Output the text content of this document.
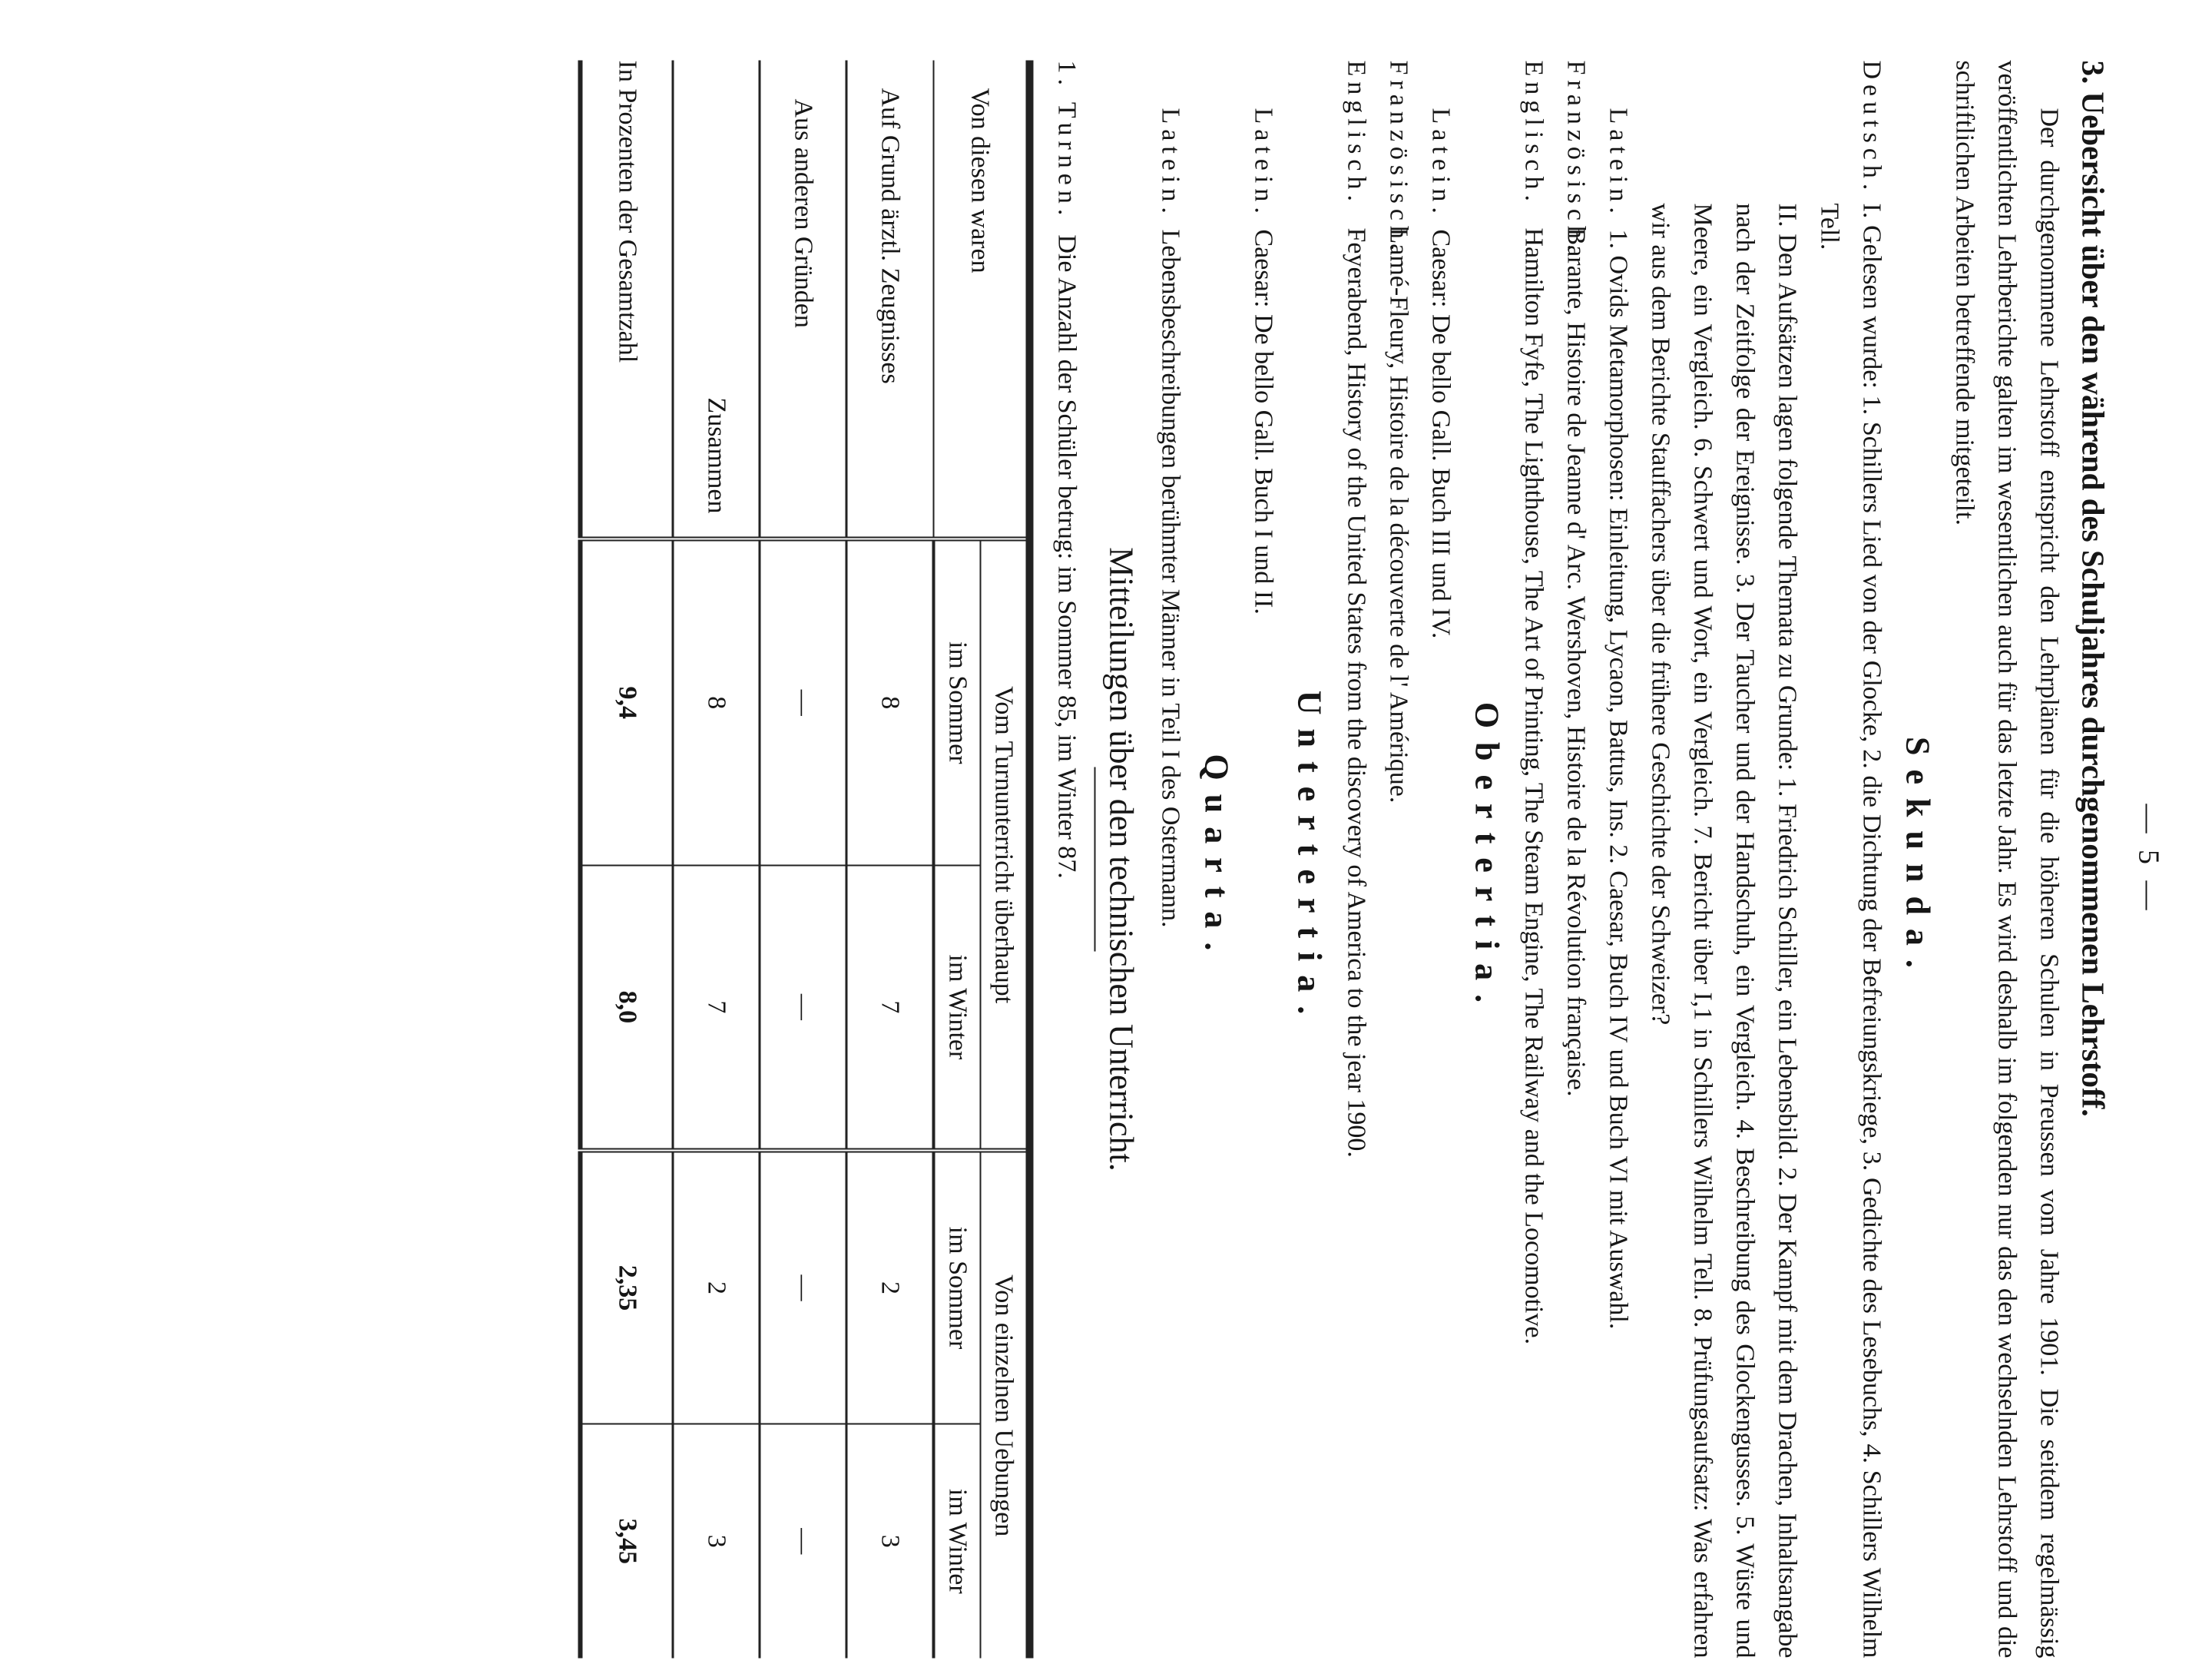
— 5 —

3. Uebersicht über den während des Schuljahres durchgenommenen Lehrstoff.

Der durchgenommene Lehrstoff entspricht den Lehrplänen für die höheren Schulen in Preussen vom Jahre 1901. Die seitdem regelmässig veröffentlichten Lehrberichte galten im wesentlichen auch für das letzte Jahr. Es wird deshalb im folgenden nur das den wechselnden Lehrstoff und die schriftlichen Arbeiten betreffende mitgeteilt.

Sekunda.
Deutsch.

I. Gelesen wurde: 1. Schillers Lied von der Glocke, 2. die Dichtung der Befreiungskriege, 3. Gedichte des Lesebuchs, 4. Schillers Wilhelm Tell.

II. Den Aufsätzen lagen folgende Themata zu Grunde: 1. Friedrich Schiller, ein Lebensbild. 2. Der Kampf mit dem Drachen, Inhaltsangabe nach der Zeitfolge der Ereignisse. 3. Der Taucher und der Handschuh, ein Vergleich. 4. Beschreibung des Glockengusses. 5. Wüste und Meere, ein Vergleich. 6. Schwert und Wort, ein Vergleich. 7. Bericht über I,1 in Schillers Wilhelm Tell. 8. Prüfungsaufsatz: Was erfahren wir aus dem Berichte Stauffachers über die frühere Geschichte der Schweizer?

Latein.

1. Ovids Metamorphosen: Einleitung, Lycaon, Battus, Ins. 2. Caesar, Buch IV und Buch VI mit Auswahl.

Französisch.

Barante, Histoire de Jeanne d' Arc. Wershoven, Histoire de la Révolution française.

Englisch.

Hamilton Fyfe, The Lighthouse, The Art of Printing, The Steam Engine, The Railway and the Locomotive.

Obertertia.
Latein.

Caesar: De bello Gall. Buch III und IV.

Französisch.

Lamé-Fleury, Histoire de la découverte de l' Amérique.

Englisch.

Feyerabend, History of the United States from the discovery of America to the jear 1900.

Untertertia.
Latein.

Caesar: De bello Gall. Buch I und II.

Quarta.
Latein.

Lebensbeschreibungen berühmter Männer in Teil I des Ostermann.

Mitteilungen über den technischen Unterricht.
1. Turnen.

Die Anzahl der Schüler betrug: im Sommer 85, im Winter 87.

Von diesen waren	Vom Turnunterricht überhaupt		Von einzelnen Uebungen	
	im Sommer	im Winter	im Sommer	im Winter
Auf Grund ärztl. Zeugnisses	8	7	2	3
Aus anderen Gründen	—	—	—	—
Zusammen	8	7	2	3
In Prozenten der Gesamtzahl	9,4	8,0	2,35	3,45
